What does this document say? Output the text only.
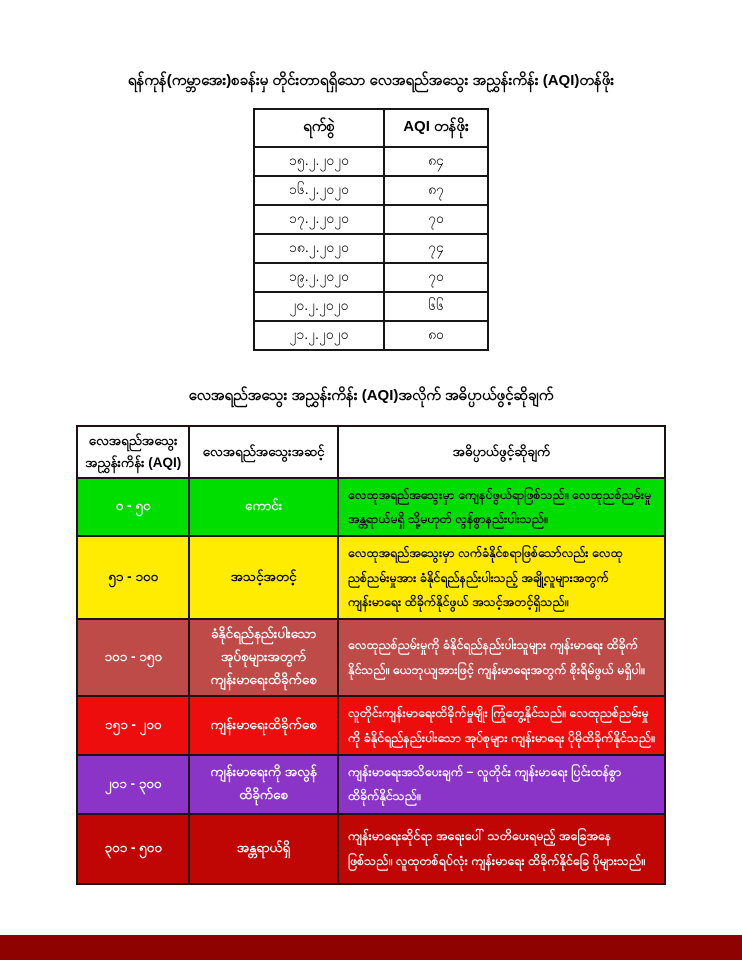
ရန်ကုန်(ကမ္ဘာအေး)စခန်းမှ တိုင်းတာရရှိသော လေအရည်အသွေး အညွှန်းကိန်း (AQI)တန်ဖိုး
ရက်စွဲ	AQI တန်ဖိုး
၁၅.၂.၂၀၂၀	၈၄
၁၆.၂.၂၀၂၀	၈၇
၁၇.၂.၂၀၂၀	၇၀
၁၈.၂.၂၀၂၀	၇၄
၁၉.၂.၂၀၂၀	၇၀
၂၀.၂.၂၀၂၀	၆၆
၂၁.၂.၂၀၂၀	၈၀
လေအရည်အသွေး အညွှန်းကိန်း (AQI)အလိုက် အဓိပ္ပာယ်ဖွင့်ဆိုချက်
လေအရည်အသွေး အညွှန်းကိန်း (AQI)	လေအရည်အသွေးအဆင့်	အဓိပ္ပာယ်ဖွင့်ဆိုချက်
၀ - ၅၀	ကောင်း	လေထုအရည်အသွေးမှာ ကျေနပ်ဖွယ်ရာဖြစ်သည်။ လေထုညစ်ညမ်းမှုအန္တရာယ်မရှိ သို့မဟုတ် လွန်စွာနည်းပါးသည်။
၅၁ - ၁၀၀	အသင့်အတင့်	လေထုအရည်အသွေးမှာ လက်ခံနိုင်စရာဖြစ်သော်လည်း လေထုညစ်ညမ်းမှုအား ခံနိုင်ရည်နည်းပါးသည့် အချို့လူများအတွက် ကျန်းမာရေး ထိခိုက်နိုင်ဖွယ် အသင့်အတင့်ရှိသည်။
၁၀၁ - ၁၅၀	ခံနိုင်ရည်နည်းပါးသော အုပ်စုများအတွက် ကျန်းမာရေးထိခိုက်စေ	လေထုညစ်ညမ်းမှုကို ခံနိုင်ရည်နည်းပါးသူများ ကျန်းမာရေး ထိခိုက်နိုင်သည်။ ယေဘုယျအားဖြင့် ကျန်းမာရေးအတွက် စိုးရိမ်ဖွယ် မရှိပါ။
၁၅၁ - ၂၀၀	ကျန်းမာရေးထိခိုက်စေ	လူတိုင်းကျန်းမာရေးထိခိုက်မှုမျိုး ကြုံတွေ့နိုင်သည်။ လေထုညစ်ညမ်းမှုကို ခံနိုင်ရည်နည်းပါးသော အုပ်စုများ ကျန်းမာရေး ပိုမိုထိခိုက်နိုင်သည်။
၂၀၁ - ၃၀၀	ကျန်းမာရေးကို အလွန်ထိခိုက်စေ	ကျန်းမာရေးအသိပေးချက် – လူတိုင်း ကျန်းမာရေး ပြင်းထန်စွာ ထိခိုက်နိုင်သည်။
၃၀၁ - ၅၀၀	အန္တရာယ်ရှိ	ကျန်းမာရေးဆိုင်ရာ အရေးပေါ် သတိပေးရမည့် အခြေအနေဖြစ်သည်။ လူထုတစ်ရပ်လုံး ကျန်းမာရေး ထိခိုက်နိုင်ခြေ ပိုများသည်။
